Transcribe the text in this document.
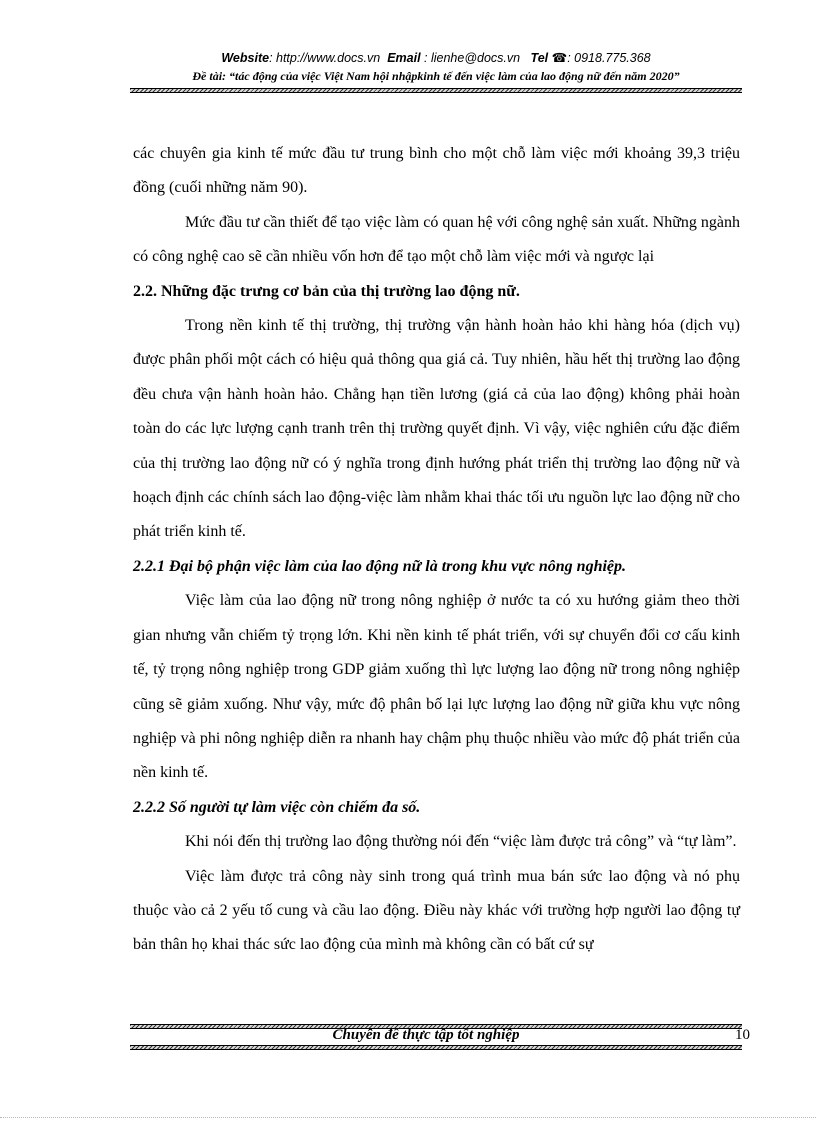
Website: http://www.docs.vn Email : lienhe@docs.vn Tel ☎: 0918.775.368
Đề tài: “tác động của việc Việt Nam hội nhậpkinh tế đến việc làm của lao động nữ đến năm 2020”

các chuyên gia kinh tế mức đầu tư trung bình cho một chỗ làm việc mới khoảng 39,3 triệu đồng (cuối những năm 90).

Mức đầu tư cần thiết để tạo việc làm có quan hệ với công nghệ sản xuất. Những ngành có công nghệ cao sẽ cần nhiều vốn hơn để tạo một chỗ làm việc mới và ngược lại

2.2. Những đặc trưng cơ bản của thị trường lao động nữ.

Trong nền kinh tế thị trường, thị trường vận hành hoàn hảo khi hàng hóa (dịch vụ) được phân phối một cách có hiệu quả thông qua giá cả. Tuy nhiên, hầu hết thị trường lao động đều chưa vận hành hoàn hảo. Chẳng hạn tiền lương (giá cả của lao động) không phải hoàn toàn do các lực lượng cạnh tranh trên thị trường quyết định. Vì vậy, việc nghiên cứu đặc điểm của thị trường lao động nữ có ý nghĩa trong định hướng phát triển thị trường lao động nữ và hoạch định các chính sách lao động-việc làm nhằm khai thác tối ưu nguồn lực lao động nữ cho phát triển kinh tế.

2.2.1 Đại bộ phận việc làm của lao động nữ là trong khu vực nông nghiệp.

Việc làm của lao động nữ trong nông nghiệp ở nước ta có xu hướng giảm theo thời gian nhưng vẫn chiếm tỷ trọng lớn. Khi nền kinh tế phát triển, với sự chuyển đổi cơ cấu kinh tế, tỷ trọng nông nghiệp trong GDP giảm xuống thì lực lượng lao động nữ trong nông nghiệp cũng sẽ giảm xuống. Như vậy, mức độ phân bố lại lực lượng lao động nữ giữa khu vực nông nghiệp và phi nông nghiệp diễn ra nhanh hay chậm phụ thuộc nhiều vào mức độ phát triển của nền kinh tế.

2.2.2 Số người tự làm việc còn chiếm đa số.

Khi nói đến thị trường lao động thường nói đến “việc làm được trả công” và “tự làm”.

Việc làm được trả công này sinh trong quá trình mua bán sức lao động và nó phụ thuộc vào cả 2 yếu tố cung và cầu lao động. Điều này khác với trường hợp người lao động tự bản thân họ khai thác sức lao động của mình mà không cần có bất cứ sự

Chuyên đề thực tập tốt nghiệp	10
